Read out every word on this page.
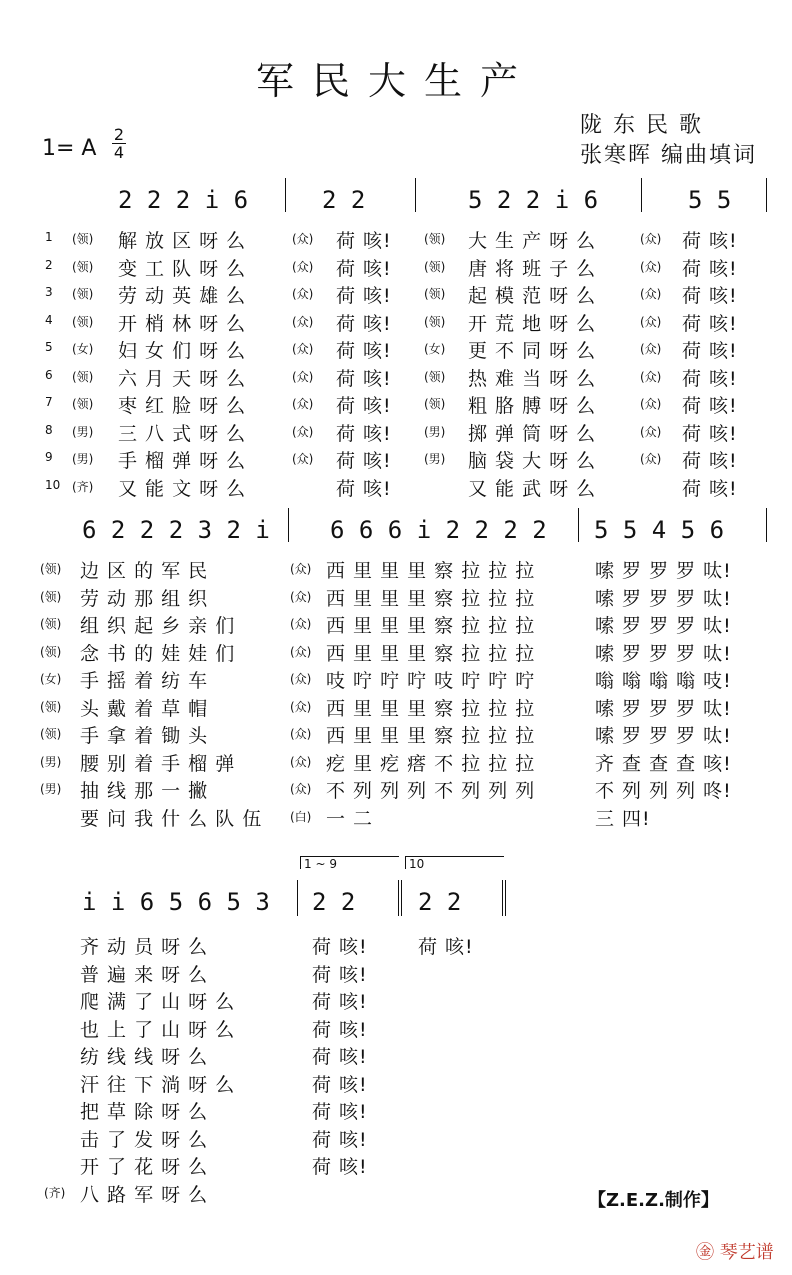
军民大生产
陇 东 民 歌
张寒晖 编曲填词
1= A $\frac{2}{4}$
2 2 2 i 6	2 2	5 2 2 i 6	5 5
1 (领) 解 放 区 呀 么	(众) 荷 咳!	(领) 大 生 产 呀 么	(众) 荷 咳!
2 (领) 变 工 队 呀 么	(众) 荷 咳!	(领) 唐 将 班 子 么	(众) 荷 咳!
3 (领) 劳 动 英 雄 么	(众) 荷 咳!	(领) 起 模 范 呀 么	(众) 荷 咳!
4 (领) 开 梢 林 呀 么	(众) 荷 咳!	(领) 开 荒 地 呀 么	(众) 荷 咳!
5 (女) 妇 女 们 呀 么	(众) 荷 咳!	(女) 更 不 同 呀 么	(众) 荷 咳!
6 (领) 六 月 天 呀 么	(众) 荷 咳!	(领) 热 难 当 呀 么	(众) 荷 咳!
7 (领) 枣 红 脸 呀 么	(众) 荷 咳!	(领) 粗 胳 膊 呀 么	(众) 荷 咳!
8 (男) 三 八 式 呀 么	(众) 荷 咳!	(男) 掷 弹 筒 呀 么	(众) 荷 咳!
9 (男) 手 榴 弹 呀 么	(众) 荷 咳!	(男) 脑 袋 大 呀 么	(众) 荷 咳!
10 (齐) 又 能 文 呀 么	荷 咳!	又 能 武 呀 么	荷 咳!
6 2 2 2 3 2 i	6 6 6 i 2 2 2 2 5 5 4 5 6
(领) 边 区 的 军 民	(众) 西 里 里 里 察 拉 拉 拉	嗦 罗 罗 罗 呔!
(领) 劳 动 那 组 织	(众) 西 里 里 里 察 拉 拉 拉	嗦 罗 罗 罗 呔!
(领) 组 织 起 乡 亲 们	(众) 西 里 里 里 察 拉 拉 拉	嗦 罗 罗 罗 呔!
(领) 念 书 的 娃 娃 们	(众) 西 里 里 里 察 拉 拉 拉	嗦 罗 罗 罗 呔!
(女) 手 摇 着 纺 车	(众) 吱 咛 咛 咛 吱 咛 咛 咛	嗡 嗡 嗡 嗡 吱!
(领) 头 戴 着 草 帽	(众) 西 里 里 里 察 拉 拉 拉	嗦 罗 罗 罗 呔!
(领) 手 拿 着 锄 头	(众) 西 里 里 里 察 拉 拉 拉	嗦 罗 罗 罗 呔!
(男) 腰 别 着 手 榴 弹	(众) 疙 里 疙 瘩 不 拉 拉 拉	齐 查 查 查 咳!
(男) 抽 线 那 一 撇	(众) 不 列 列 列 不 列 列 列	不 列 列 列 咚!
要 问 我 什 么 队 伍 (白) 一 二	三 四!
i i 6 5 6 5 3 2 2	2 2
1 ~ 9	10
齐 动 员 呀 么	荷 咳!	荷 咳!
普 遍 来 呀 么	荷 咳!
爬 满 了 山 呀 么	荷 咳!
也 上 了 山 呀 么	荷 咳!
纺 线 线 呀 么	荷 咳!
汗 往 下 淌 呀 么	荷 咳!
把 草 除 呀 么	荷 咳!
击 了 发 呀 么	荷 咳!
开 了 花 呀 么	荷 咳!
(齐) 八 路 军 呀 么	【Z.E.Z.制作】
㊎ 琴艺谱
